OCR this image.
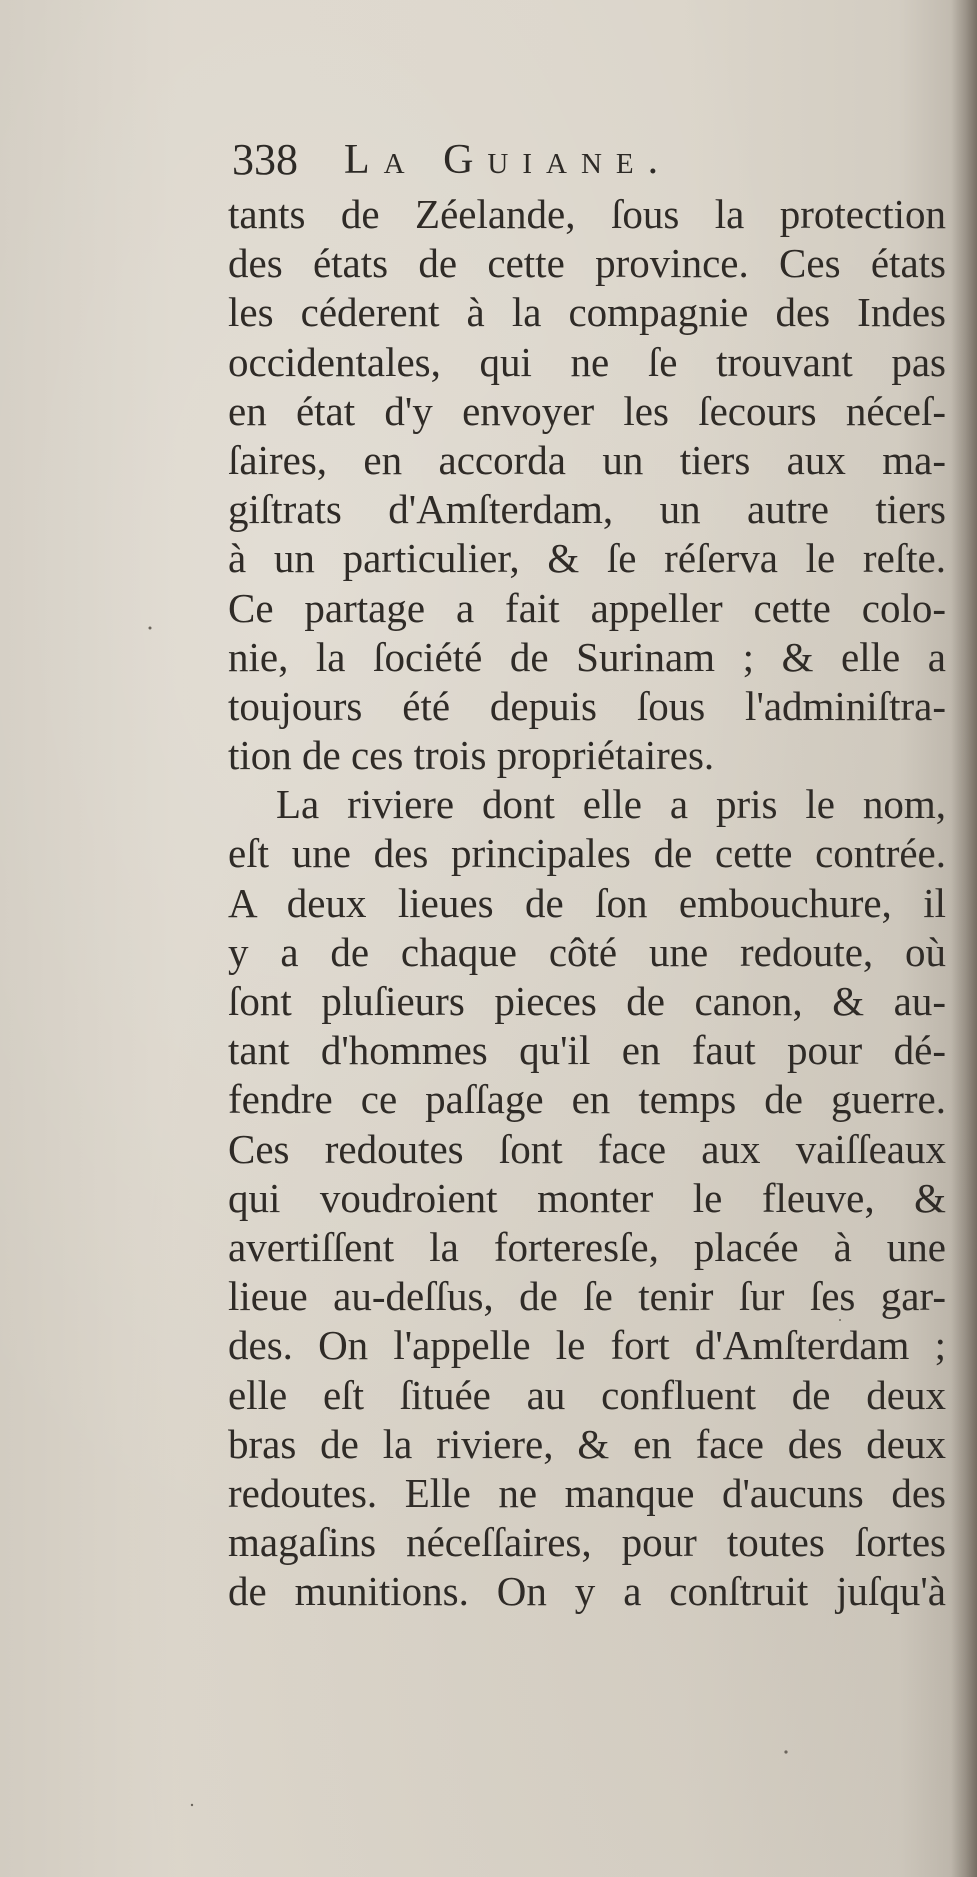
338 La Guiane.
tants de Zéelande, ſous la protection
des états de cette province. Ces états
les céderent à la compagnie des Indes
occidentales, qui ne ſe trouvant pas
en état d'y envoyer les ſecours néceſ-
ſaires, en accorda un tiers aux ma-
giſtrats d'Amſterdam, un autre tiers
à un particulier, & ſe réſerva le reſte.
Ce partage a fait appeller cette colo-
nie, la ſociété de Surinam ; & elle a
toujours été depuis ſous l'adminiſtra-
tion de ces trois propriétaires.
La riviere dont elle a pris le nom,
eſt une des principales de cette contrée.
A deux lieues de ſon embouchure, il
y a de chaque côté une redoute, où
ſont pluſieurs pieces de canon, & au-
tant d'hommes qu'il en faut pour dé-
fendre ce paſſage en temps de guerre.
Ces redoutes ſont face aux vaiſſeaux
qui voudroient monter le fleuve, &
avertiſſent la forteresſe, placée à une
lieue au-deſſus, de ſe tenir ſur ſes gar-
des. On l'appelle le fort d'Amſterdam ;
elle eſt ſituée au confluent de deux
bras de la riviere, & en face des deux
redoutes. Elle ne manque d'aucuns des
magaſins néceſſaires, pour toutes ſortes
de munitions. On y a conſtruit juſqu'à
